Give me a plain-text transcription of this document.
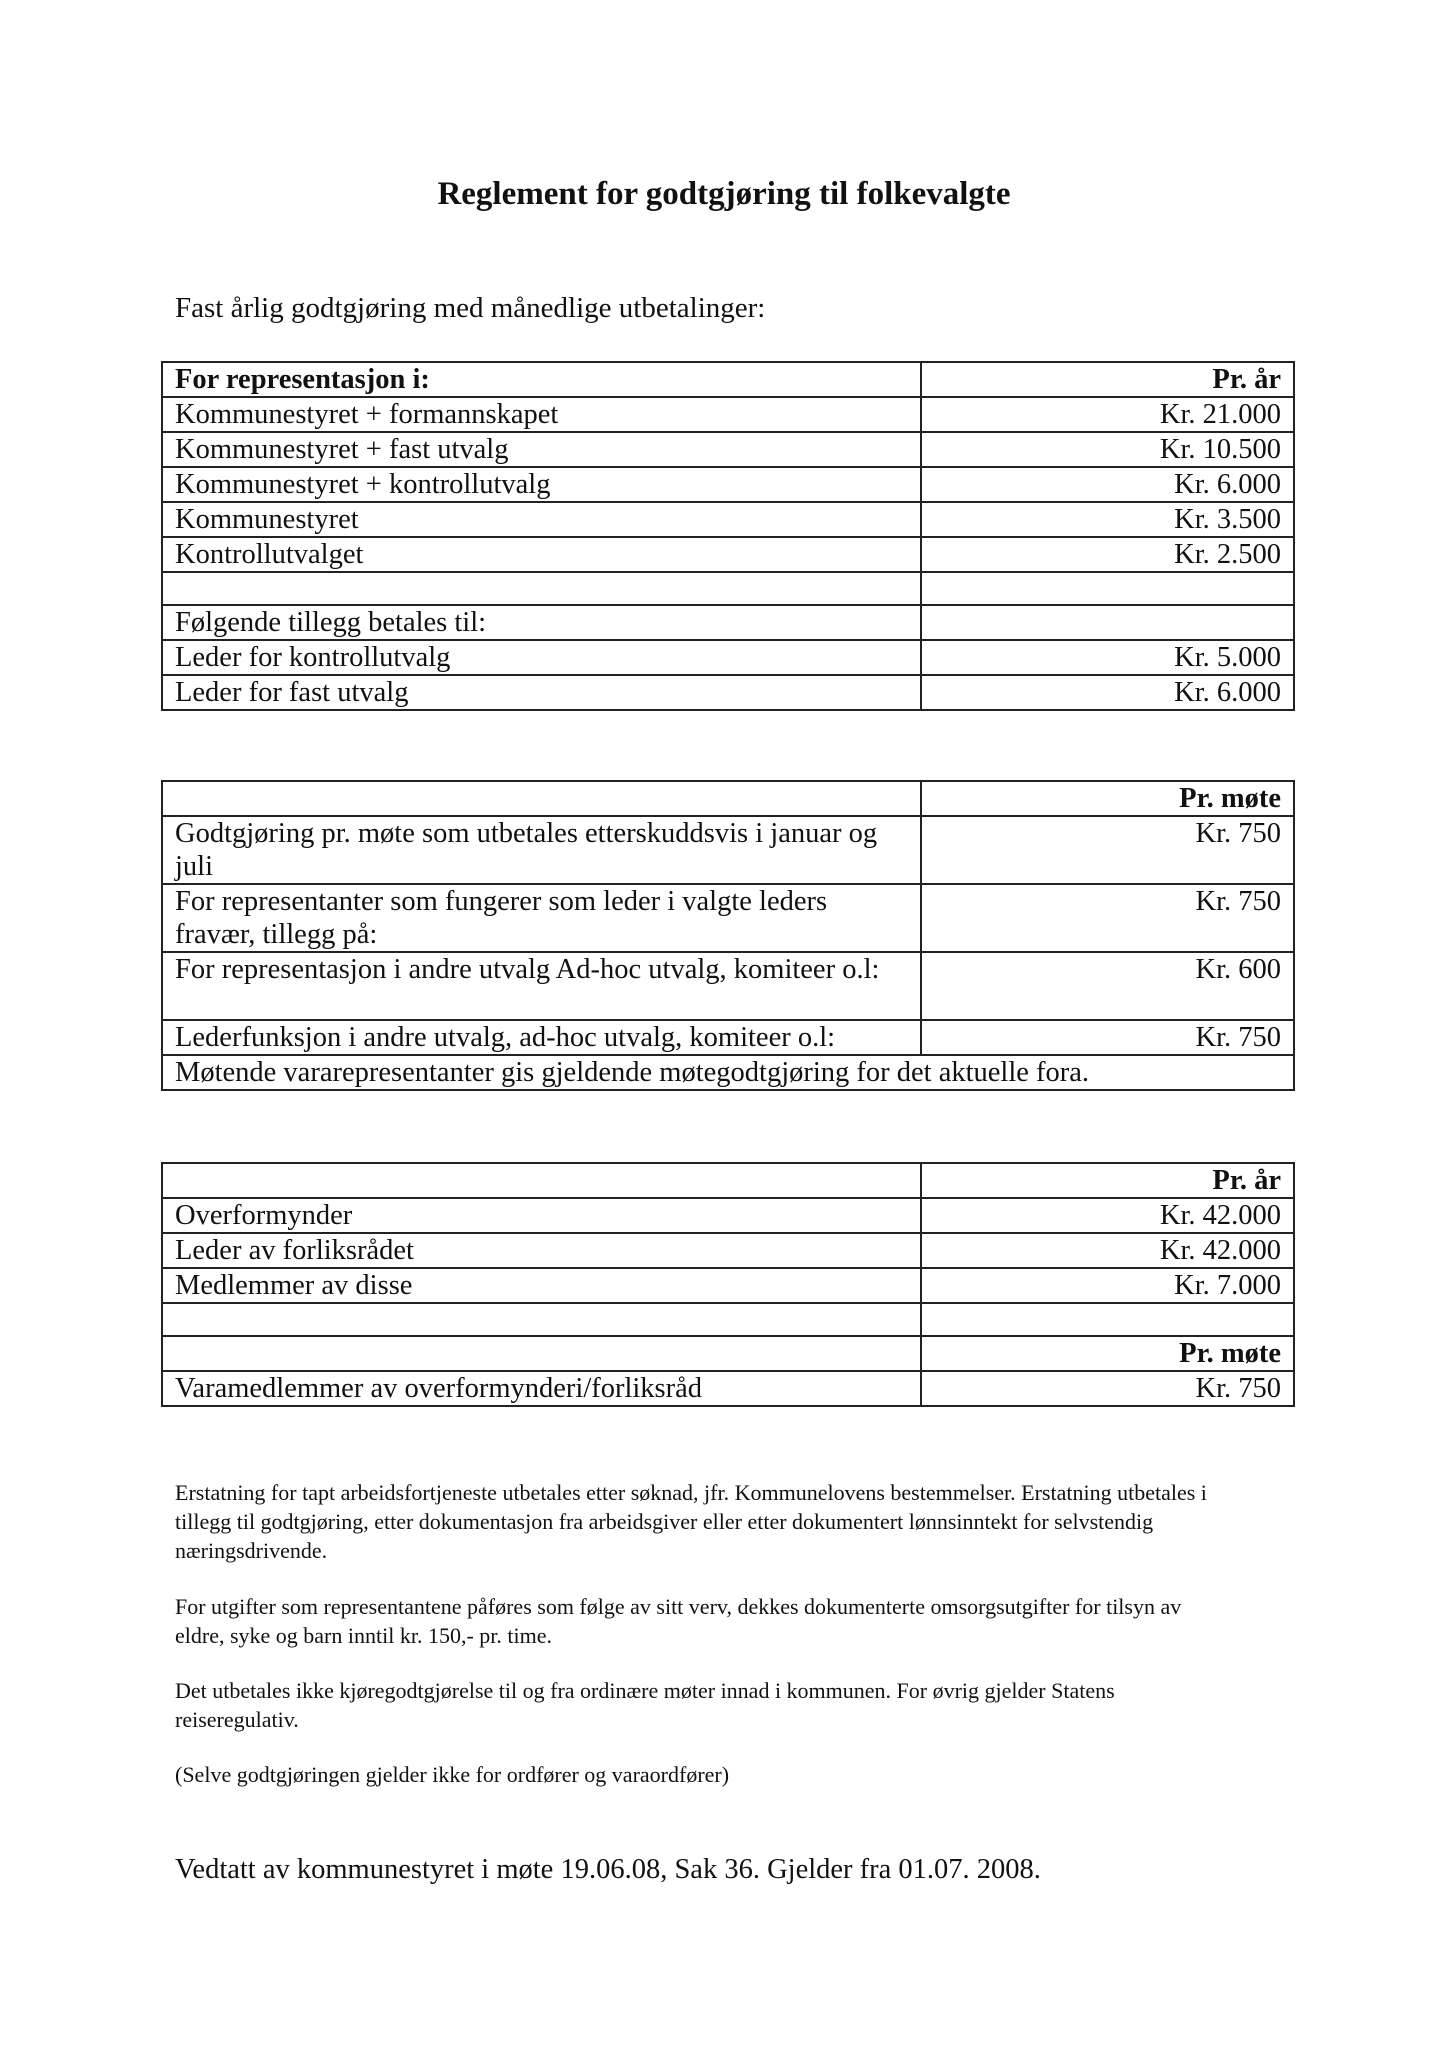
Reglement for godtgjøring til folkevalgte
Fast årlig godtgjøring med månedlige utbetalinger:
For representasjon i:	Pr. år
Kommunestyret + formannskapet	Kr. 21.000
Kommunestyret + fast utvalg	Kr. 10.500
Kommunestyret + kontrollutvalg	Kr. 6.000
Kommunestyret	Kr. 3.500
Kontrollutvalget	Kr. 2.500

Følgende tillegg betales til:	
Leder for kontrollutvalg	Kr. 5.000
Leder for fast utvalg	Kr. 6.000
	Pr. møte
Godtgjøring pr. møte som utbetales etterskuddsvis i januar og juli	Kr. 750
For representanter som fungerer som leder i valgte leders fravær, tillegg på:	Kr. 750
For representasjon i andre utvalg Ad-hoc utvalg, komiteer o.l:	Kr. 600
Lederfunksjon i andre utvalg, ad-hoc utvalg, komiteer o.l:	Kr. 750
Møtende vararepresentanter gis gjeldende møtegodtgjøring for det aktuelle fora.	
	Pr. år
Overformynder	Kr. 42.000
Leder av forliksrådet	Kr. 42.000
Medlemmer av disse	Kr. 7.000

	Pr. møte
Varamedlemmer av overformynderi/forliksråd	Kr. 750
Erstatning for tapt arbeidsfortjeneste utbetales etter søknad, jfr. Kommunelovens bestemmelser. Erstatning utbetales i tillegg til godtgjøring, etter dokumentasjon fra arbeidsgiver eller etter dokumentert lønnsinntekt for selvstendig næringsdrivende.
For utgifter som representantene påføres som følge av sitt verv, dekkes dokumenterte omsorgsutgifter for tilsyn av eldre, syke og barn inntil kr. 150,- pr. time.
Det utbetales ikke kjøregodtgjørelse til og fra ordinære møter innad i kommunen. For øvrig gjelder Statens reiseregulativ.
(Selve godtgjøringen gjelder ikke for ordfører og varaordfører)
Vedtatt av kommunestyret i møte 19.06.08, Sak 36. Gjelder fra 01.07. 2008.
